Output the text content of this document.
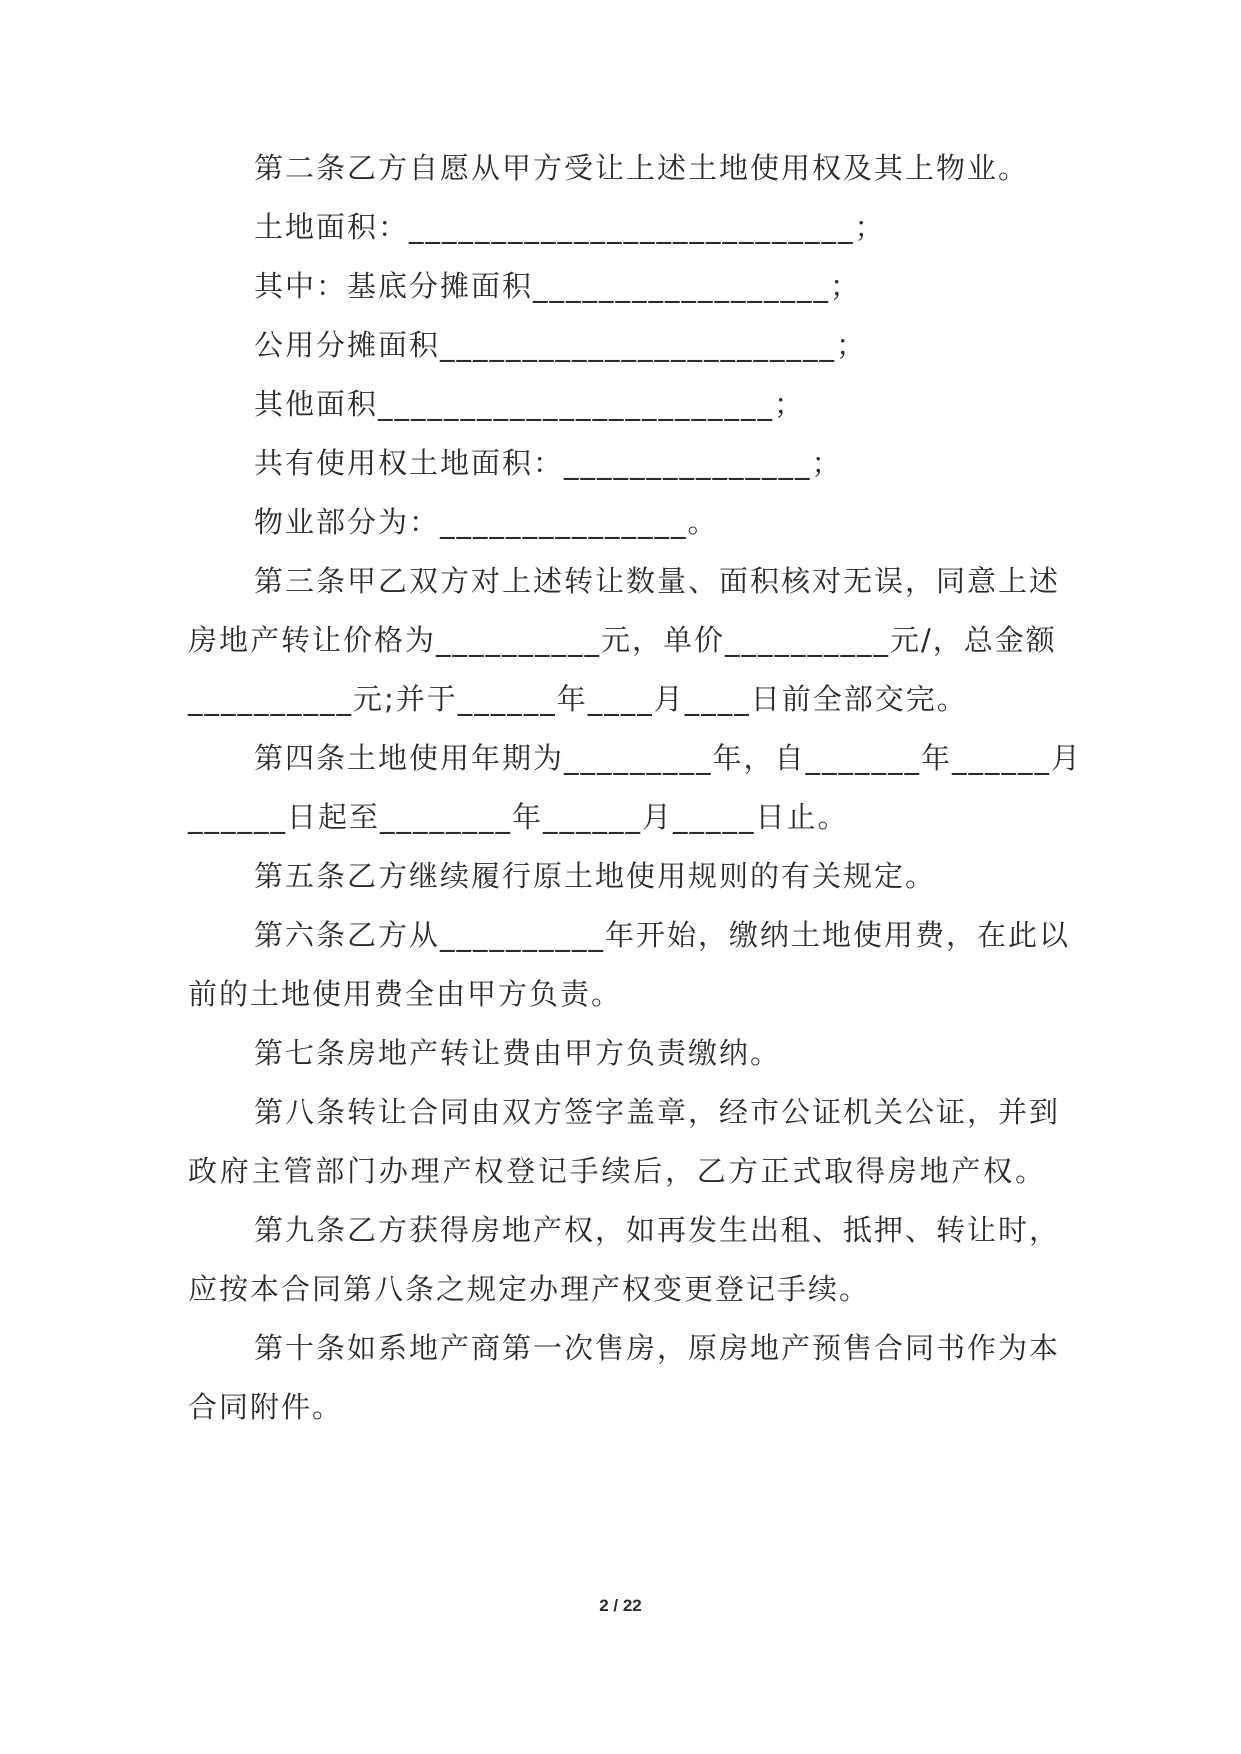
第二条乙方自愿从甲方受让上述土地使用权及其上物业。
土地面积：___________________________；
其中：基底分摊面积__________________；
公用分摊面积________________________；
其他面积________________________；
共有使用权土地面积：_______________；
物业部分为：_______________。
第三条甲乙双方对上述转让数量、面积核对无误，同意上述
房地产转让价格为__________元，单价__________元/，总金额
__________元;并于______年____月____日前全部交完。
第四条土地使用年期为_________年，自_______年______月
______日起至________年______月_____日止。
第五条乙方继续履行原土地使用规则的有关规定。
第六条乙方从__________年开始，缴纳土地使用费，在此以
前的土地使用费全由甲方负责。
第七条房地产转让费由甲方负责缴纳。
第八条转让合同由双方签字盖章，经市公证机关公证，并到
政府主管部门办理产权登记手续后，乙方正式取得房地产权。
第九条乙方获得房地产权，如再发生出租、抵押、转让时，
应按本合同第八条之规定办理产权变更登记手续。
第十条如系地产商第一次售房，原房地产预售合同书作为本
合同附件。
2 / 22
